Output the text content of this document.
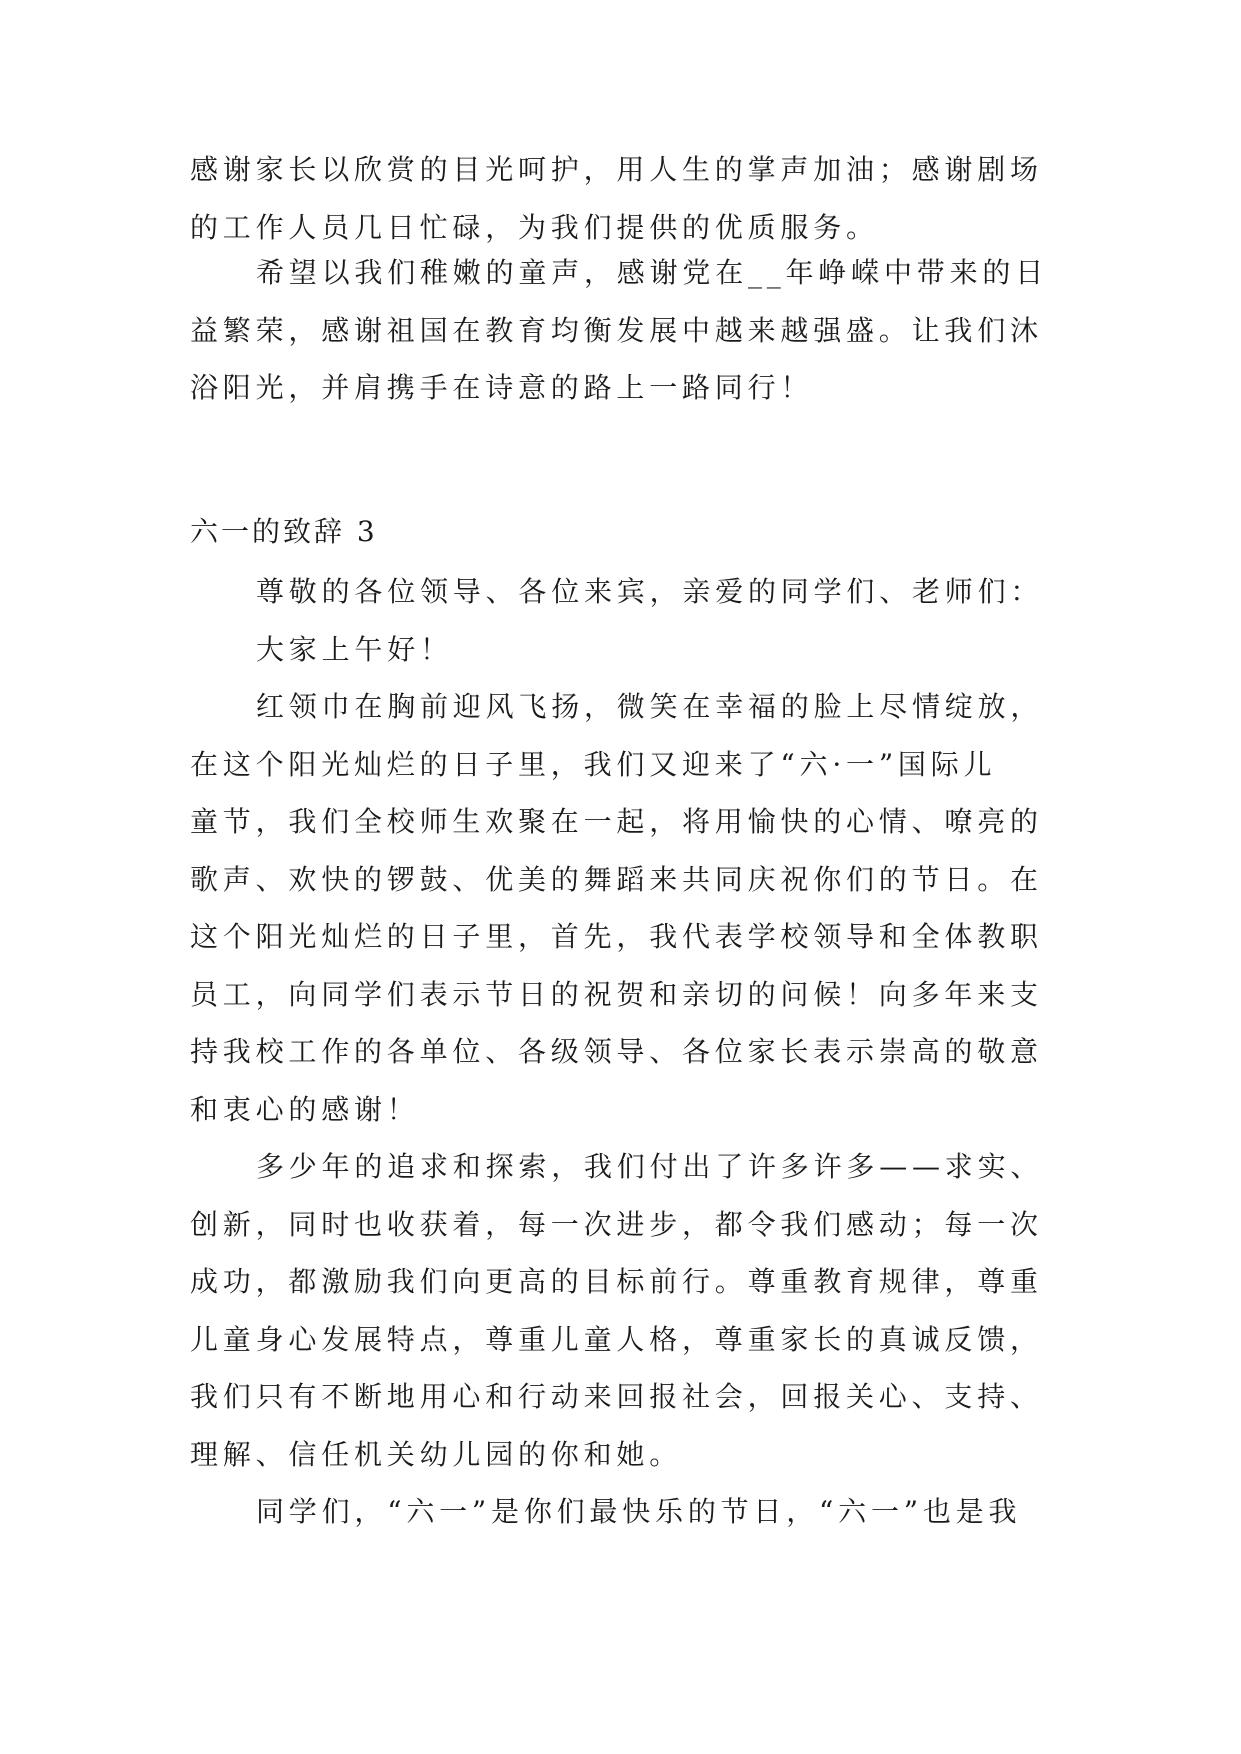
感谢家长以欣赏的目光呵护，用人生的掌声加油；感谢剧场
的工作人员几日忙碌，为我们提供的优质服务。
希望以我们稚嫩的童声，感谢党在__年峥嵘中带来的日
益繁荣，感谢祖国在教育均衡发展中越来越强盛。让我们沐
浴阳光，并肩携手在诗意的路上一路同行！
六一的致辞 3
尊敬的各位领导、各位来宾，亲爱的同学们、老师们：
大家上午好！
红领巾在胸前迎风飞扬，微笑在幸福的脸上尽情绽放，
在这个阳光灿烂的日子里，我们又迎来了“六·一”国际儿
童节，我们全校师生欢聚在一起，将用愉快的心情、嘹亮的
歌声、欢快的锣鼓、优美的舞蹈来共同庆祝你们的节日。在
这个阳光灿烂的日子里，首先，我代表学校领导和全体教职
员工，向同学们表示节日的祝贺和亲切的问候！向多年来支
持我校工作的各单位、各级领导、各位家长表示崇高的敬意
和衷心的感谢！
多少年的追求和探索，我们付出了许多许多——求实、
创新，同时也收获着，每一次进步，都令我们感动；每一次
成功，都激励我们向更高的目标前行。尊重教育规律，尊重
儿童身心发展特点，尊重儿童人格，尊重家长的真诚反馈，
我们只有不断地用心和行动来回报社会，回报关心、支持、
理解、信任机关幼儿园的你和她。
同学们，“六一”是你们最快乐的节日，“六一”也是我
